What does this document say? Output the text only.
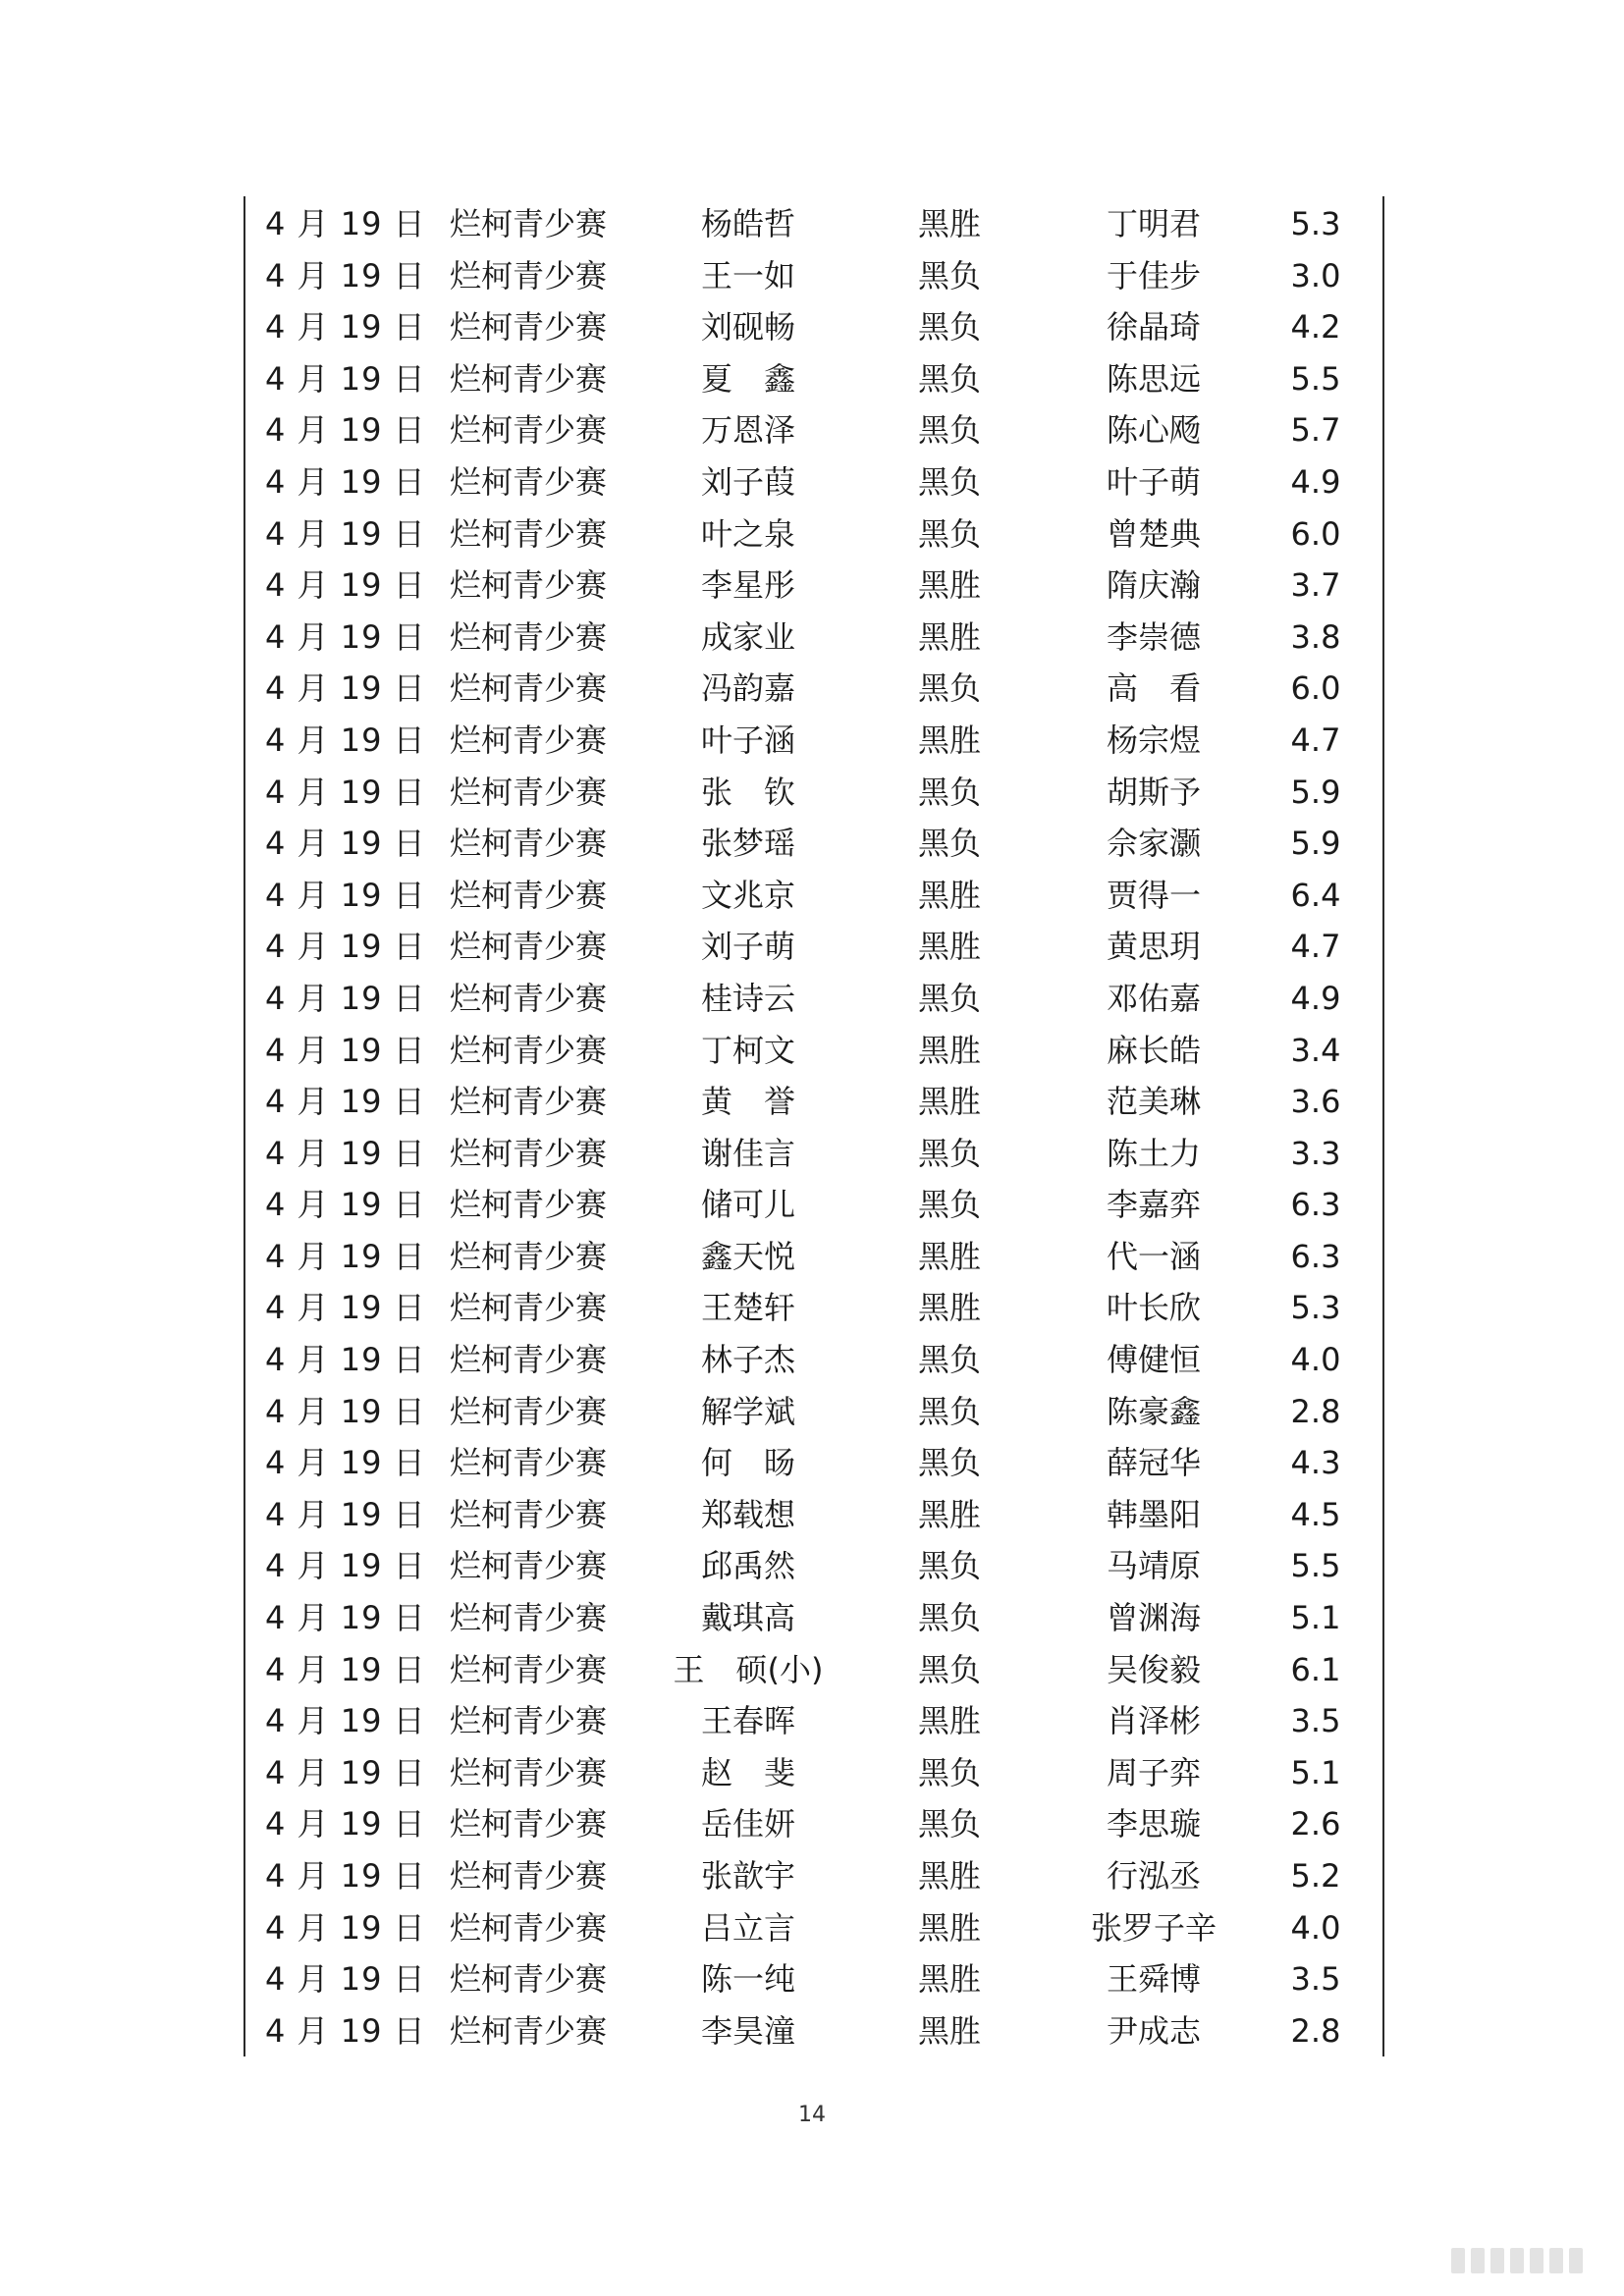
4 月 19 日 烂柯青少赛	杨皓哲	黑胜	丁明君	5.3
4 月 19 日 烂柯青少赛	王一如	黑负	于佳步	3.0
4 月 19 日 烂柯青少赛	刘砚畅	黑负	徐晶琦	4.2
4 月 19 日 烂柯青少赛	夏　鑫	黑负	陈思远	5.5
4 月 19 日 烂柯青少赛	万恩泽	黑负	陈心飏	5.7
4 月 19 日 烂柯青少赛	刘子葭	黑负	叶子萌	4.9
4 月 19 日 烂柯青少赛	叶之泉	黑负	曾楚典	6.0
4 月 19 日 烂柯青少赛	李星彤	黑胜	隋庆瀚	3.7
4 月 19 日 烂柯青少赛	成家业	黑胜	李崇德	3.8
4 月 19 日 烂柯青少赛	冯韵嘉	黑负	高　看	6.0
4 月 19 日 烂柯青少赛	叶子涵	黑胜	杨宗煜	4.7
4 月 19 日 烂柯青少赛	张　钦	黑负	胡斯予	5.9
4 月 19 日 烂柯青少赛	张梦瑶	黑负	佘家灏	5.9
4 月 19 日 烂柯青少赛	文兆京	黑胜	贾得一	6.4
4 月 19 日 烂柯青少赛	刘子萌	黑胜	黄思玥	4.7
4 月 19 日 烂柯青少赛	桂诗云	黑负	邓佑嘉	4.9
4 月 19 日 烂柯青少赛	丁柯文	黑胜	麻长皓	3.4
4 月 19 日 烂柯青少赛	黄　誉	黑胜	范美琳	3.6
4 月 19 日 烂柯青少赛	谢佳言	黑负	陈土力	3.3
4 月 19 日 烂柯青少赛	储可儿	黑负	李嘉弈	6.3
4 月 19 日 烂柯青少赛	鑫天悦	黑胜	代一涵	6.3
4 月 19 日 烂柯青少赛	王楚轩	黑胜	叶长欣	5.3
4 月 19 日 烂柯青少赛	林子杰	黑负	傅健恒	4.0
4 月 19 日 烂柯青少赛	解学斌	黑负	陈豪鑫	2.8
4 月 19 日 烂柯青少赛	何　旸	黑负	薛冠华	4.3
4 月 19 日 烂柯青少赛	郑载想	黑胜	韩墨阳	4.5
4 月 19 日 烂柯青少赛	邱禹然	黑负	马靖原	5.5
4 月 19 日 烂柯青少赛	戴琪高	黑负	曾渊海	5.1
4 月 19 日 烂柯青少赛	王　硕(小)	黑负	吴俊毅	6.1
4 月 19 日 烂柯青少赛	王春晖	黑胜	肖泽彬	3.5
4 月 19 日 烂柯青少赛	赵　斐	黑负	周子弈	5.1
4 月 19 日 烂柯青少赛	岳佳妍	黑负	李思璇	2.6
4 月 19 日 烂柯青少赛	张歆宇	黑胜	行泓丞	5.2
4 月 19 日 烂柯青少赛	吕立言	黑胜	张罗子辛	4.0
4 月 19 日 烂柯青少赛	陈一纯	黑胜	王舜博	3.5
4 月 19 日 烂柯青少赛	李昊潼	黑胜	尹成志	2.8
14
